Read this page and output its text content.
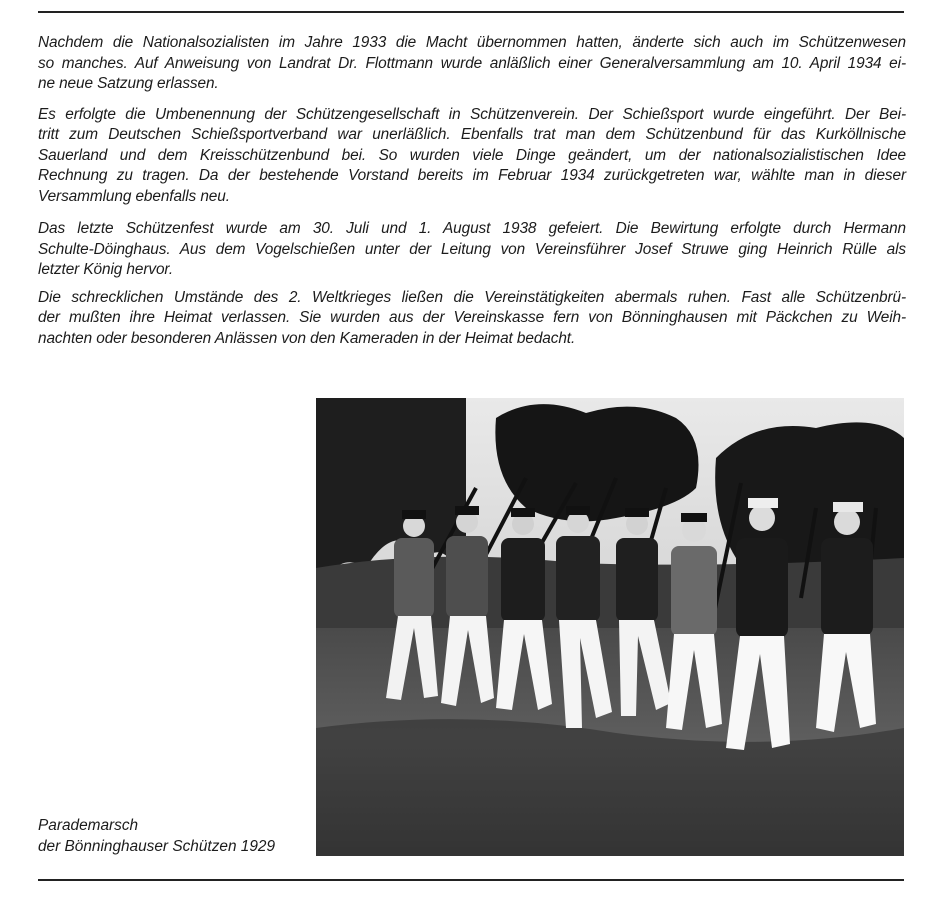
Nachdem die Nationalsozialisten im Jahre 1933 die Macht übernommen hatten, änderte sich auch im Schützenwesen
so manches. Auf Anweisung von Landrat Dr. Flottmann wurde anläßlich einer Generalversammlung am 10. April 1934 ei-
ne neue Satzung erlassen.

Es erfolgte die Umbenennung der Schützengesellschaft in Schützenverein. Der Schießsport wurde eingeführt. Der Bei-
tritt zum Deutschen Schießsportverband war unerläßlich. Ebenfalls trat man dem Schützenbund für das Kurköllnische
Sauerland und dem Kreisschützenbund bei. So wurden viele Dinge geändert, um der nationalsozialistischen Idee
Rechnung zu tragen. Da der bestehende Vorstand bereits im Februar 1934 zurückgetreten war, wählte man in dieser
Versammlung ebenfalls neu.

Das letzte Schützenfest wurde am 30. Juli und 1. August 1938 gefeiert. Die Bewirtung erfolgte durch Hermann
Schulte-Döinghaus. Aus dem Vogelschießen unter der Leitung von Vereinsführer Josef Struwe ging Heinrich Rülle als
letzter König hervor.

Die schrecklichen Umstände des 2. Weltkrieges ließen die Vereinstätigkeiten abermals ruhen. Fast alle Schützenbrü-
der mußten ihre Heimat verlassen. Sie wurden aus der Vereinskasse fern von Bönninghausen mit Päckchen zu Weih-
nachten oder besonderen Anlässen von den Kameraden in der Heimat bedacht.

Parademarsch
der Bönninghauser Schützen 1929
